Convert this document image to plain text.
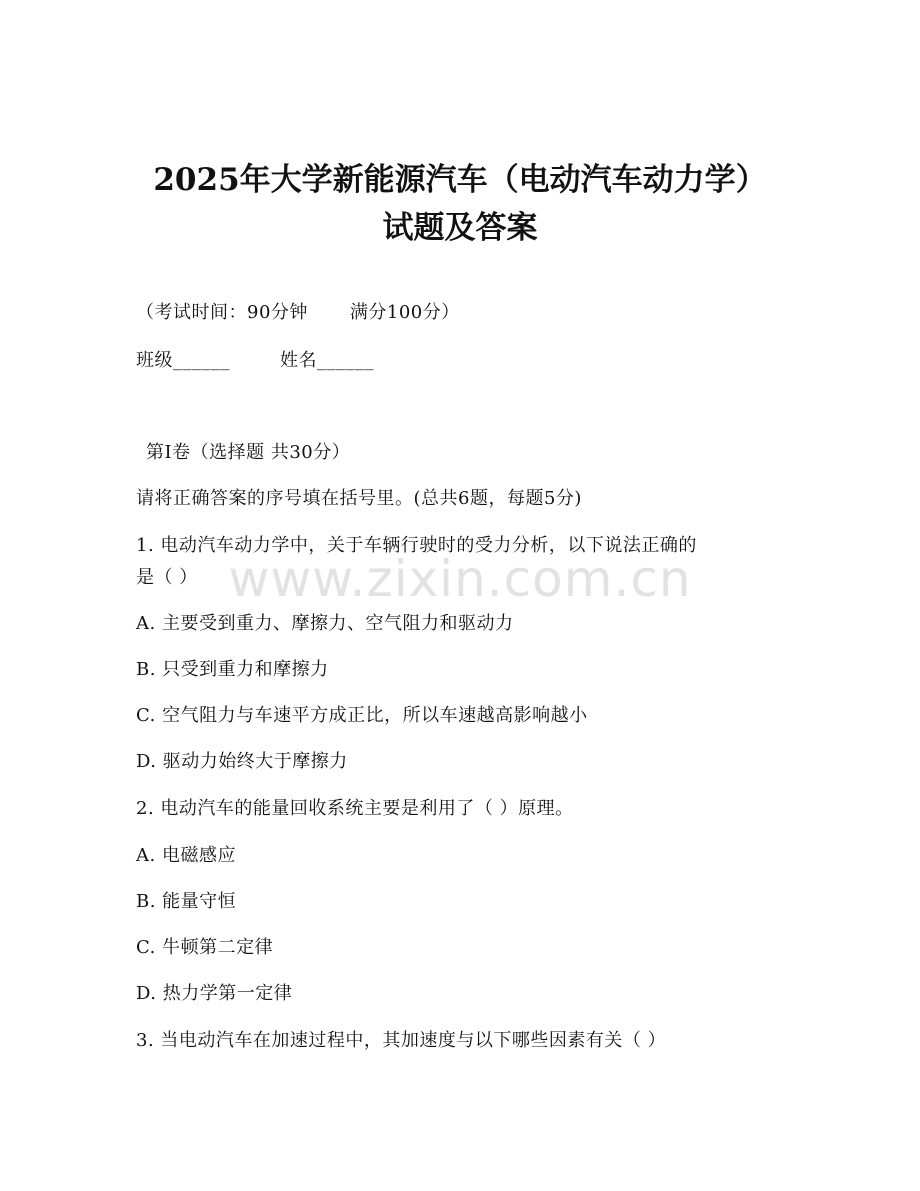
2025年大学新能源汽车（电动汽车动力学）
试题及答案
（考试时间：90分钟 满分100分）
班级______	姓名______
第I卷（选择题 共30分）
请将正确答案的序号填在括号里。(总共6题，每题5分)
1. 电动汽车动力学中，关于车辆行驶时的受力分析，以下说法正确的
是（ ）
A. 主要受到重力、摩擦力、空气阻力和驱动力
B. 只受到重力和摩擦力
C. 空气阻力与车速平方成正比，所以车速越高影响越小
D. 驱动力始终大于摩擦力
2. 电动汽车的能量回收系统主要是利用了（ ）原理。
A. 电磁感应
B. 能量守恒
C. 牛顿第二定律
D. 热力学第一定律
3. 当电动汽车在加速过程中，其加速度与以下哪些因素有关（ ）
www.zixin.com.cn
